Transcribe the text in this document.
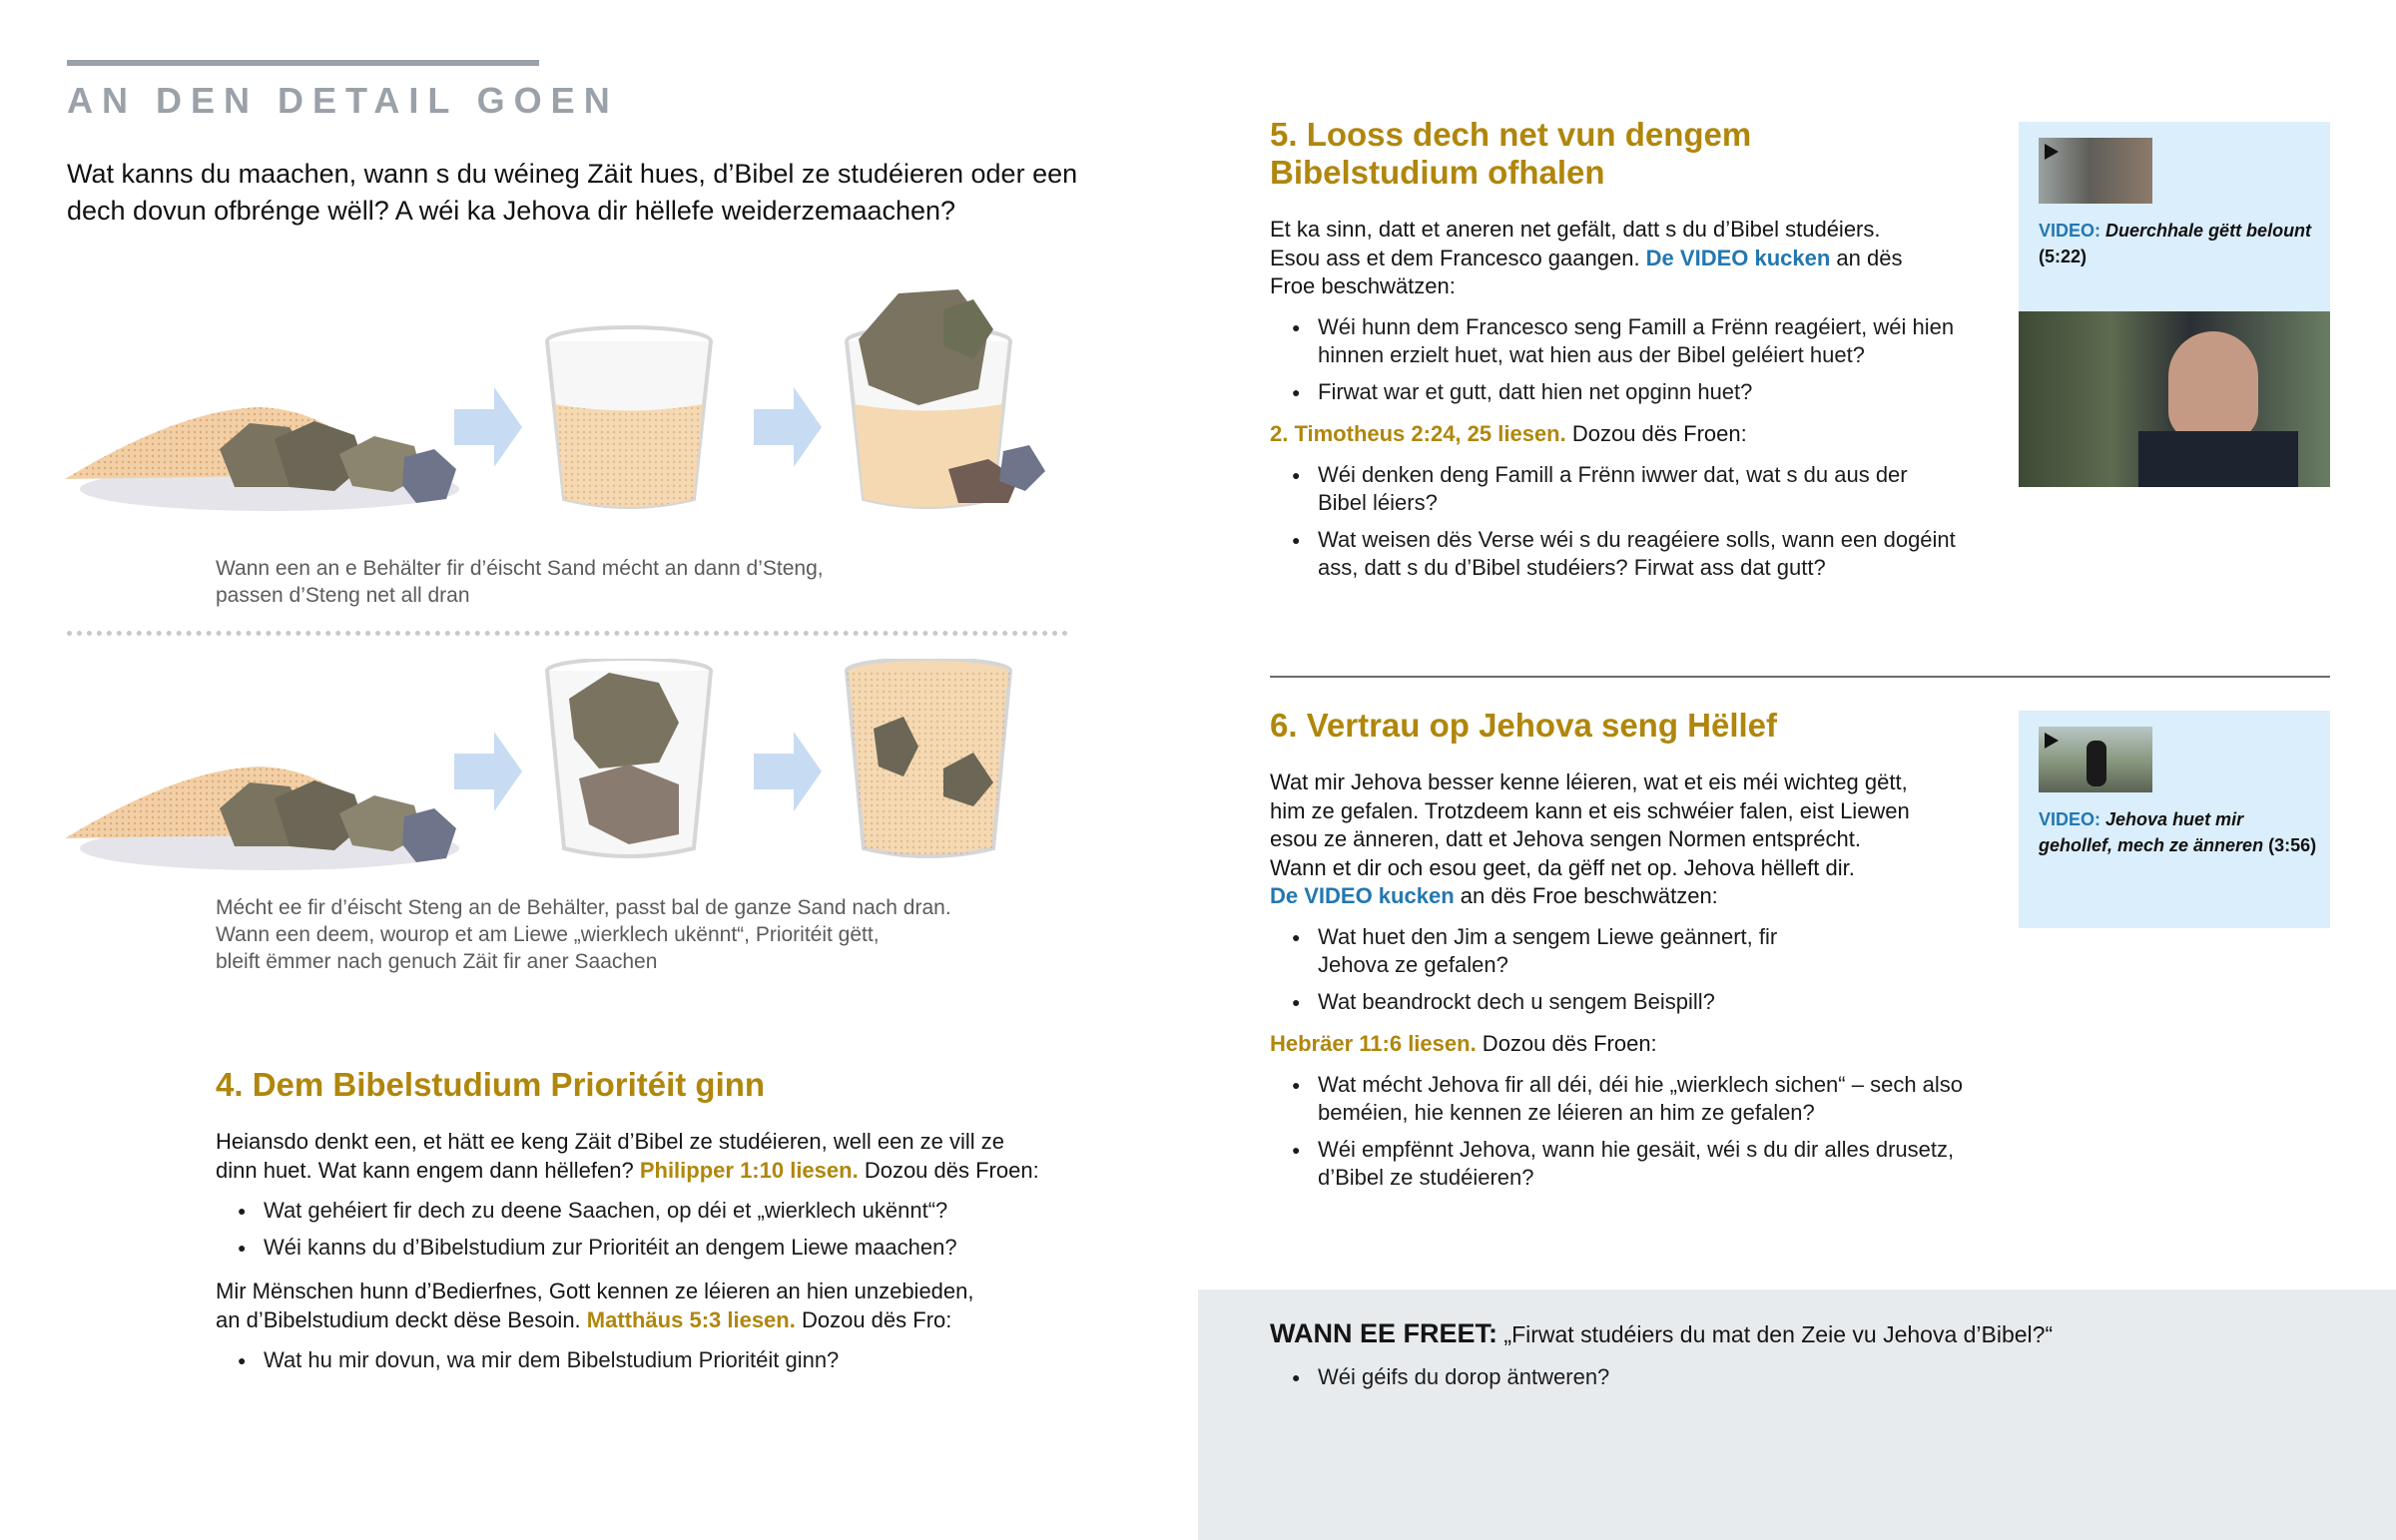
AN DEN DETAIL GOEN
Wat kanns du maachen, wann s du wéineg Zäit hues, d’Bibel ze studéieren oder een dech dovun ofbrénge wëll? A wéi ka Jehova dir hëllefe weiderzemaachen?
Wann een an e Behälter fir d’éischt Sand mécht an dann d’Steng,
passen d’Steng net all dran
Mécht ee fir d’éischt Steng an de Behälter, passt bal de ganze Sand nach dran.
Wann een deem, wourop et am Liewe „wierklech ukënnt“, Prioritéit gëtt,
bleift ëmmer nach genuch Zäit fir aner Saachen
4. Dem Bibelstudium Prioritéit ginn
Heiansdo denkt een, et hätt ee keng Zäit d’Bibel ze studéieren, well een ze vill ze
dinn huet. Wat kann engem dann hëllefen? Philipper 1:10 liesen. Dozou dës Froen:
● Wat gehéiert fir dech zu deene Saachen, op déi et „wierklech ukënnt“?
● Wéi kanns du d’Bibelstudium zur Prioritéit an dengem Liewe maachen?
Mir Mënschen hunn d’Bedierfnes, Gott kennen ze léieren an hien unzebieden,
an d’Bibelstudium deckt dëse Besoin. Matthäus 5:3 liesen. Dozou dës Fro:
● Wat hu mir dovun, wa mir dem Bibelstudium Prioritéit ginn?
5. Looss dech net vun dengem
Bibelstudium ofhalen
Et ka sinn, datt et aneren net gefält, datt s du d’Bibel studéiers.
Esou ass et dem Francesco gaangen. De VIDEO kucken an dës
Froe beschwätzen:
● Wéi hunn dem Francesco seng Famill a Frënn reagéiert, wéi hien hinnen erzielt huet, wat hien aus der Bibel geléiert huet?
● Firwat war et gutt, datt hien net opginn huet?
2. Timotheus 2:24, 25 liesen. Dozou dës Froen:
● Wéi denken deng Famill a Frënn iwwer dat, wat s du aus der Bibel léiers?
● Wat weisen dës Verse wéi s du reagéiere solls, wann een dogéint ass, datt s du d’Bibel studéiers? Firwat ass dat gutt?
VIDEO: Duerchhale gëtt belount (5:22)
6. Vertrau op Jehova seng Hëllef
Wat mir Jehova besser kenne léieren, wat et eis méi wichteg gëtt,
him ze gefalen. Trotzdeem kann et eis schwéier falen, eist Liewen
esou ze änneren, datt et Jehova sengen Normen entsprécht.
Wann et dir och esou geet, da gëff net op. Jehova hëlleft dir.
De VIDEO kucken an dës Froe beschwätzen:
● Wat huet den Jim a sengem Liewe geännert, fir Jehova ze gefalen?
● Wat beandrockt dech u sengem Beispill?
Hebräer 11:6 liesen. Dozou dës Froen:
● Wat mécht Jehova fir all déi, déi hie „wierklech sichen“ – sech also beméien, hie kennen ze léieren an him ze gefalen?
● Wéi empfënnt Jehova, wann hie gesäit, wéi s du dir alles drusetz, d’Bibel ze studéieren?
VIDEO: Jehova huet mir gehollef, mech ze änneren (3:56)
WANN EE FREET: „Firwat studéiers du mat den Zeie vu Jehova d’Bibel?“
● Wéi géifs du dorop äntweren?
